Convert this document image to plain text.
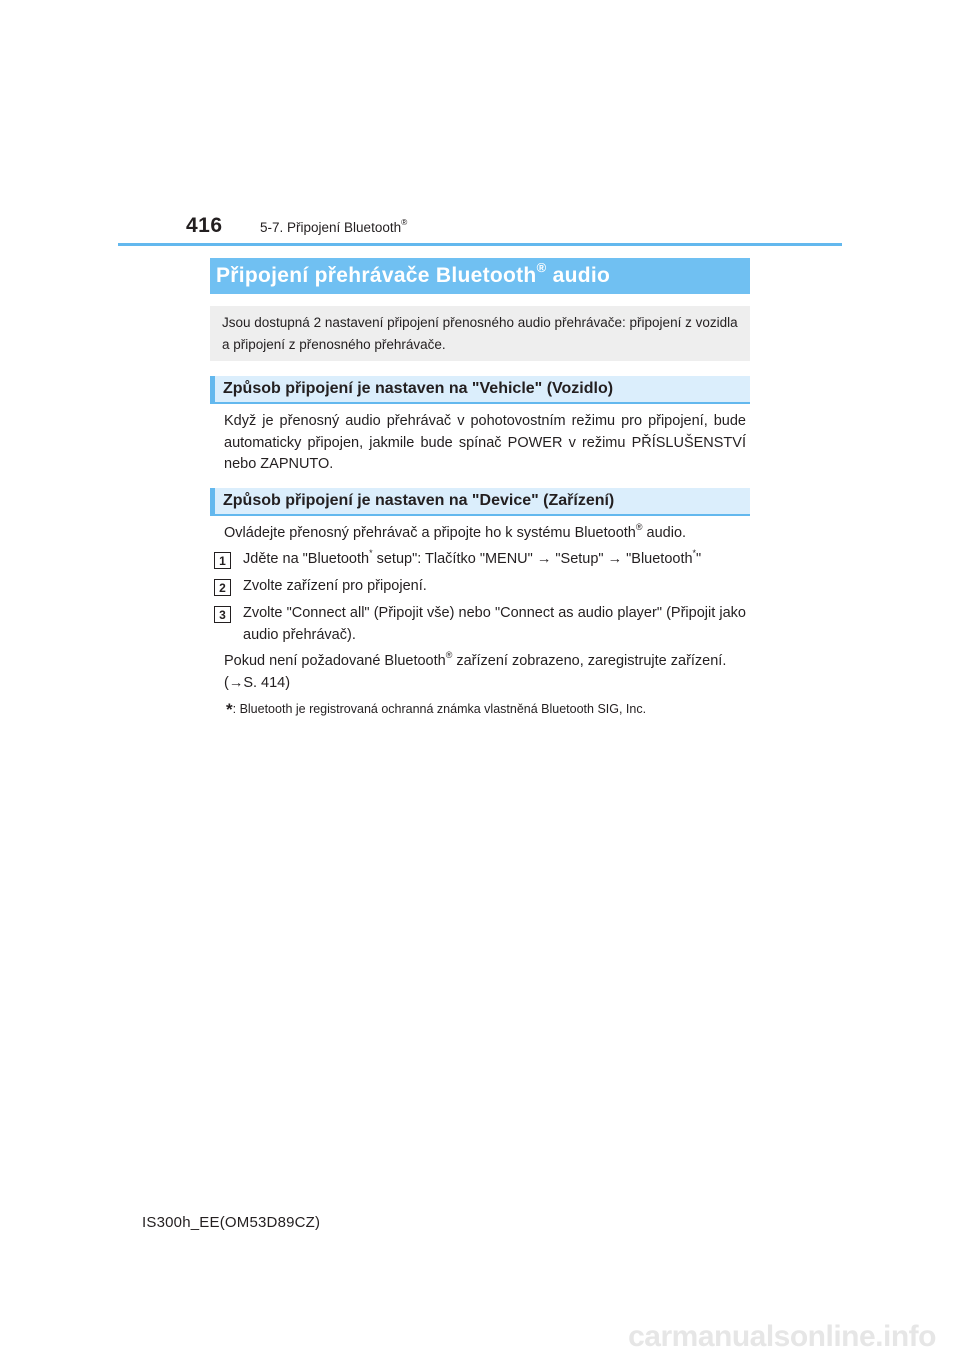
416	5-7. Připojení Bluetooth®
Připojení přehrávače Bluetooth® audio
Jsou dostupná 2 nastavení připojení přenosného audio přehrávače: připojení z vozidla a připojení z přenosného přehrávače.
Způsob připojení je nastaven na "Vehicle" (Vozidlo)
Když je přenosný audio přehrávač v pohotovostním režimu pro připojení, bude automaticky připojen, jakmile bude spínač POWER v režimu PŘÍSLUŠENSTVÍ nebo ZAPNUTO.
Způsob připojení je nastaven na "Device" (Zařízení)
Ovládejte přenosný přehrávač a připojte ho k systému Bluetooth® audio.
1	Jděte na "Bluetooth* setup": Tlačítko "MENU" → "Setup" → "Bluetooth*"
2	Zvolte zařízení pro připojení.
3	Zvolte "Connect all" (Připojit vše) nebo "Connect as audio player" (Připojit jako audio přehrávač).
Pokud není požadované Bluetooth® zařízení zobrazeno, zaregistrujte zařízení.
(→S. 414)
*: Bluetooth je registrovaná ochranná známka vlastněná Bluetooth SIG, Inc.
IS300h_EE(OM53D89CZ)
carmanualsonline.info
